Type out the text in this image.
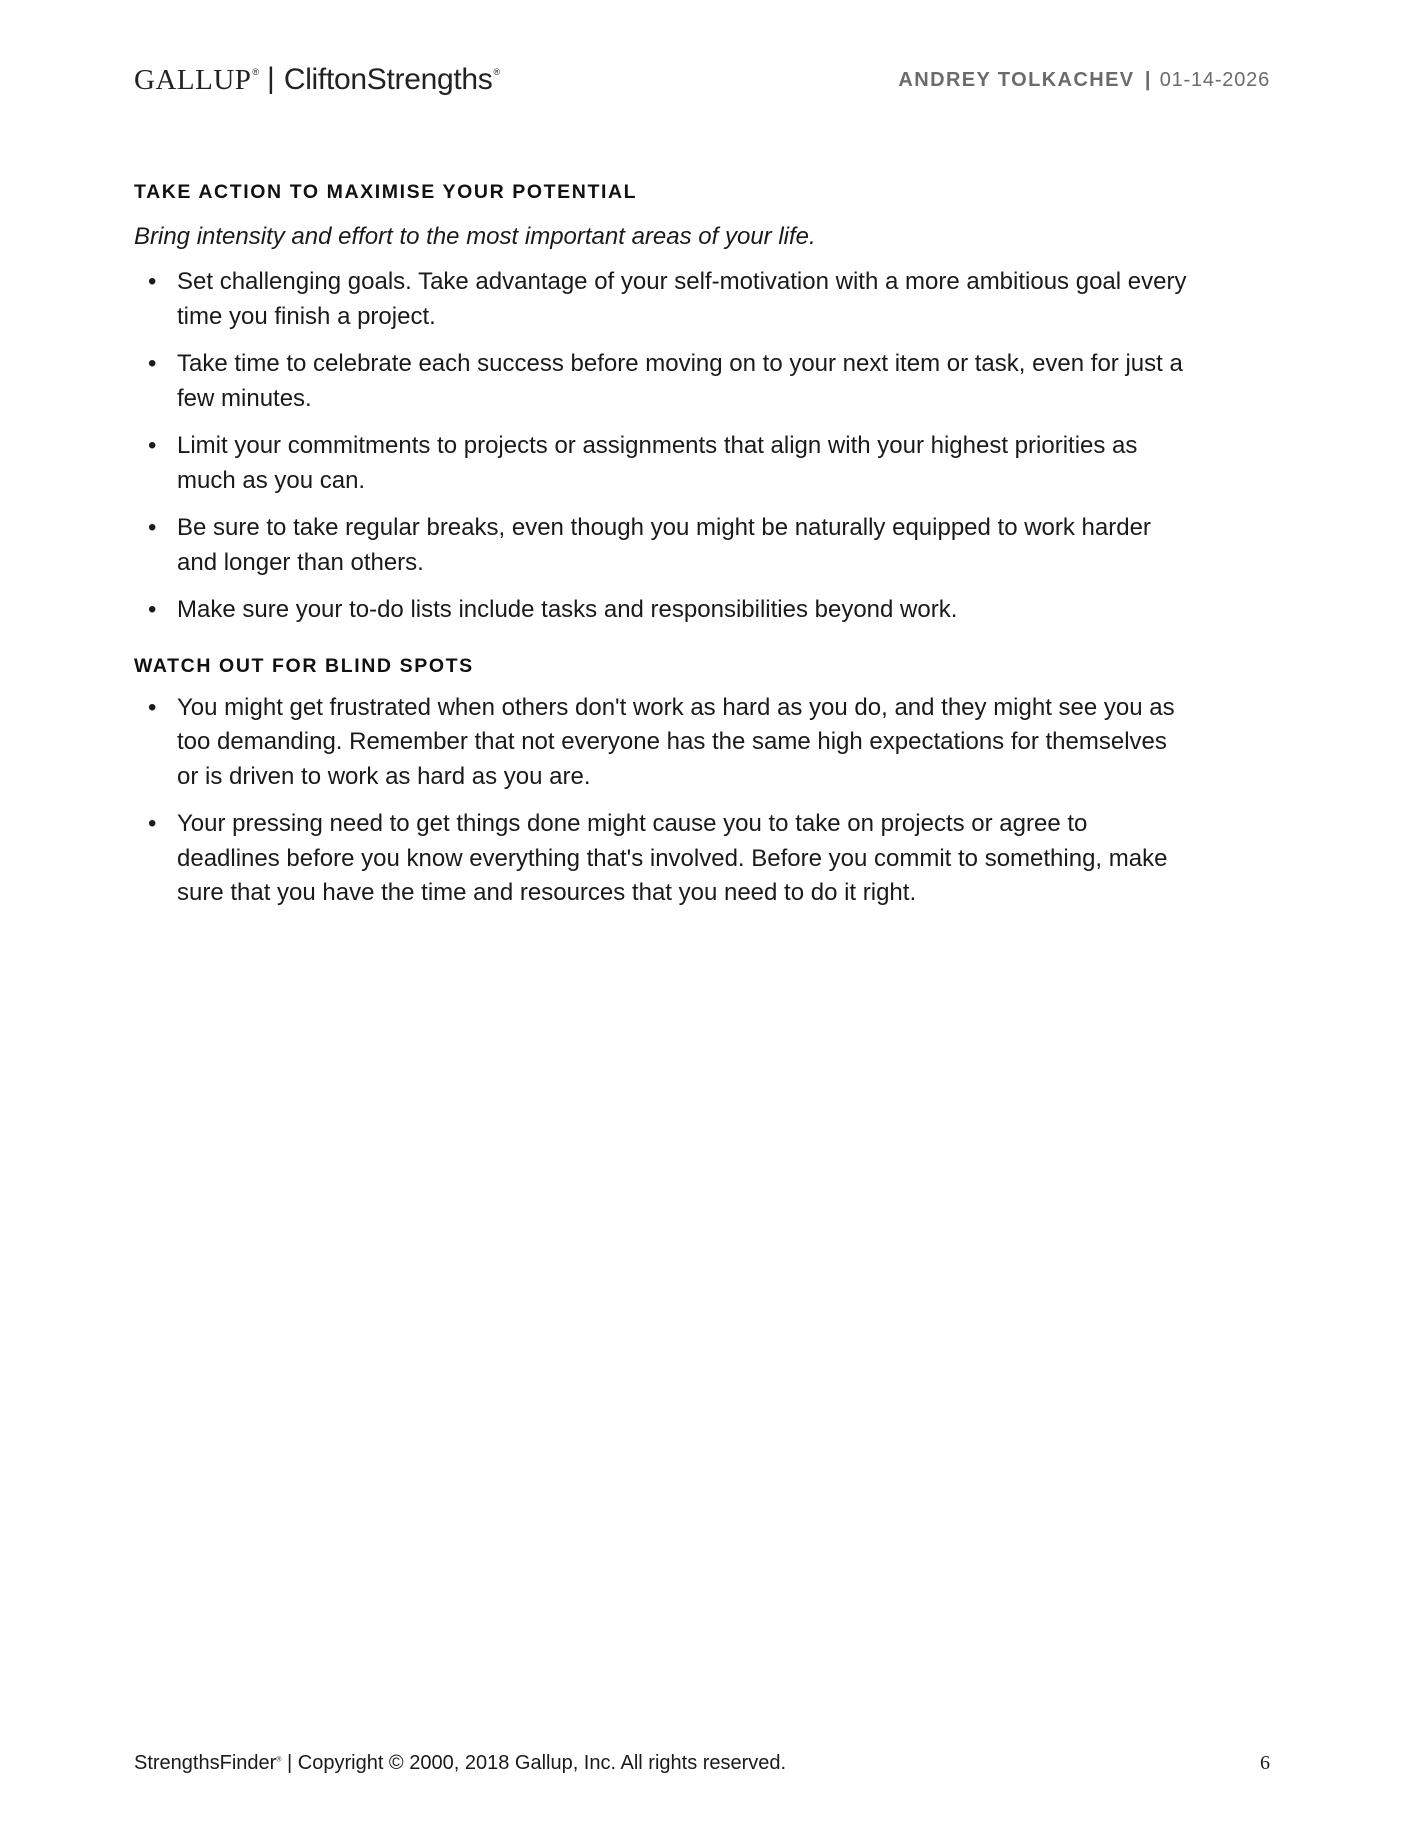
GALLUP ® | CliftonStrengths ®	ANDREY TOLKACHEV | 01-14-2026
TAKE ACTION TO MAXIMISE YOUR POTENTIAL

Bring intensity and effort to the most important areas of your life.

• Set challenging goals. Take advantage of your self-motivation with a more ambitious goal every time you finish a project.
• Take time to celebrate each success before moving on to your next item or task, even for just a few minutes.
• Limit your commitments to projects or assignments that align with your highest priorities as much as you can.
• Be sure to take regular breaks, even though you might be naturally equipped to work harder and longer than others.
• Make sure your to-do lists include tasks and responsibilities beyond work.
WATCH OUT FOR BLIND SPOTS
• You might get frustrated when others don't work as hard as you do, and they might see you as too demanding. Remember that not everyone has the same high expectations for themselves or is driven to work as hard as you are.
• Your pressing need to get things done might cause you to take on projects or agree to deadlines before you know everything that's involved. Before you commit to something, make sure that you have the time and resources that you need to do it right.
StrengthsFinder® | Copyright © 2000, 2018 Gallup, Inc. All rights reserved.	6
